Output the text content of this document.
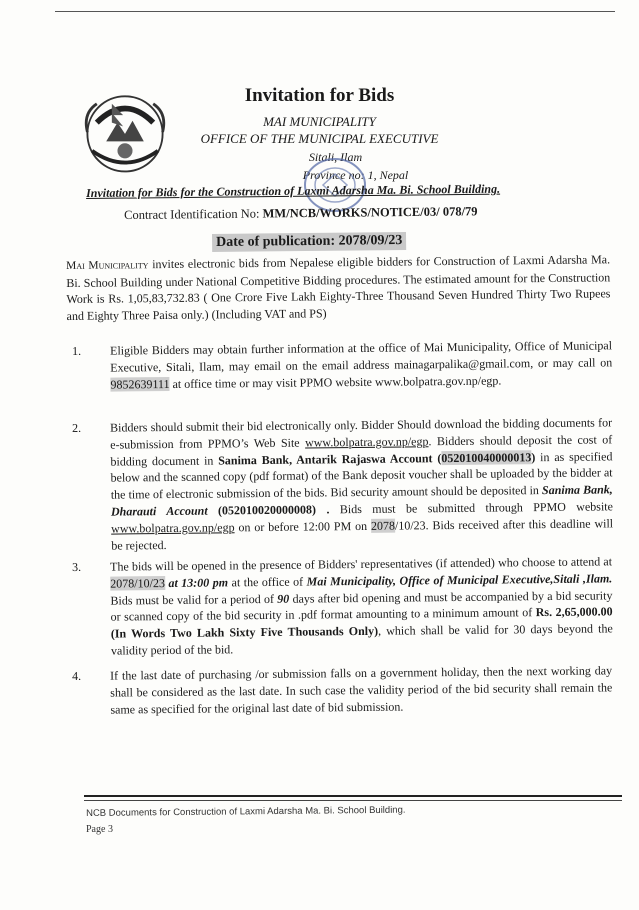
Invitation for Bids
MAI MUNICIPALITY
OFFICE OF THE MUNICIPAL EXECUTIVE
Sitali, Ilam
Province no: 1, Nepal
Invitation for Bids for the Construction of Laxmi Adarsha Ma. Bi. School Building.
Contract Identification No: MM/NCB/WORKS/NOTICE/03/ 078/79
Date of publication: 2078/09/23
Mai Municipality invites electronic bids from Nepalese eligible bidders for Construction of Laxmi Adarsha Ma. Bi. School Building under National Competitive Bidding procedures. The estimated amount for the Construction Work is Rs. 1,05,83,732.83 ( One Crore Five Lakh Eighty-Three Thousand Seven Hundred Thirty Two Rupees and Eighty Three Paisa only.) (Including VAT and PS)
1.	Eligible Bidders may obtain further information at the office of Mai Municipality, Office of Municipal Executive, Sitali, Ilam, may email on the email address mainagarpalika@gmail.com, or may call on 9852639111 at office time or may visit PPMO website www.bolpatra.gov.np/egp.
2.	Bidders should submit their bid electronically only. Bidder Should download the bidding documents for e-submission from PPMO’s Web Site www.bolpatra.gov.np/egp. Bidders should deposit the cost of bidding document in Sanima Bank, Antarik Rajaswa Account (052010040000013) in as specified below and the scanned copy (pdf format) of the Bank deposit voucher shall be uploaded by the bidder at the time of electronic submission of the bids. Bid security amount should be deposited in Sanima Bank, Dharauti Account (052010020000008) . Bids must be submitted through PPMO website www.bolpatra.gov.np/egp on or before 12:00 PM on 2078/10/23. Bids received after this deadline will be rejected.
3.	The bids will be opened in the presence of Bidders' representatives (if attended) who choose to attend at 2078/10/23 at 13:00 pm at the office of Mai Municipality, Office of Municipal Executive,Sitali ,Ilam. Bids must be valid for a period of 90 days after bid opening and must be accompanied by a bid security or scanned copy of the bid security in .pdf format amounting to a minimum amount of Rs. 2,65,000.00 (In Words Two Lakh Sixty Five Thousands Only), which shall be valid for 30 days beyond the validity period of the bid.
4.	If the last date of purchasing /or submission falls on a government holiday, then the next working day shall be considered as the last date. In such case the validity period of the bid security shall remain the same as specified for the original last date of bid submission.
NCB Documents for Construction of Laxmi Adarsha Ma. Bi. School Building.
Page 3
